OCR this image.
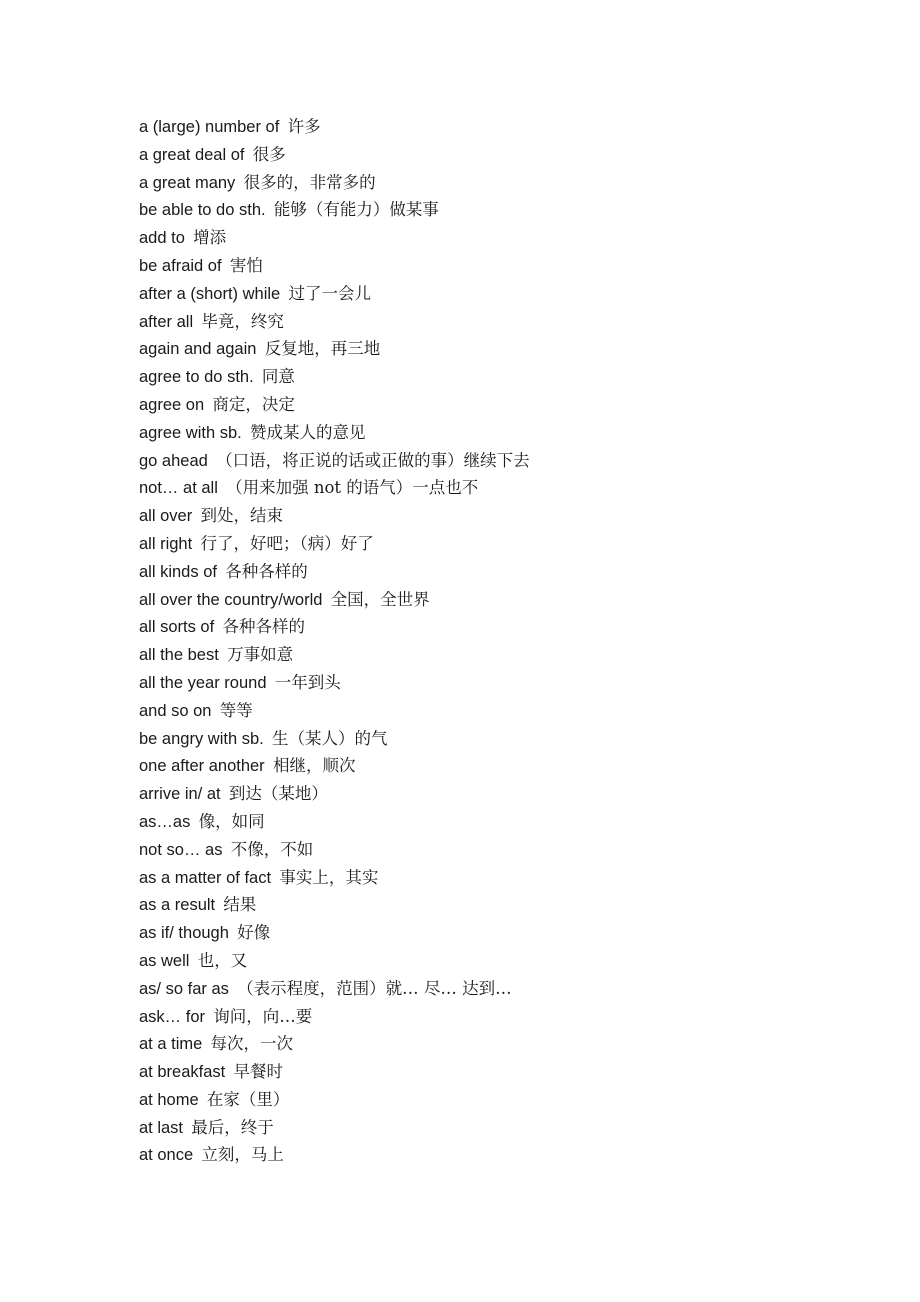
a (large) number of 许多
a great deal of 很多
a great many 很多的，非常多的
be able to do sth. 能够（有能力）做某事
add to 增添
be afraid of 害怕
after a (short) while 过了一会儿
after all 毕竟，终究
again and again 反复地，再三地
agree to do sth. 同意
agree on 商定，决定
agree with sb. 赞成某人的意见
go ahead （口语，将正说的话或正做的事）继续下去
not… at all （用来加强 not 的语气）一点也不
all over 到处，结束
all right 行了，好吧；（病）好了
all kinds of 各种各样的
all over the country/world 全国，全世界
all sorts of 各种各样的
all the best 万事如意
all the year round 一年到头
and so on 等等
be angry with sb. 生（某人）的气
one after another 相继，顺次
arrive in/ at 到达（某地）
as…as 像，如同
not so… as 不像，不如
as a matter of fact 事实上，其实
as a result 结果
as if/ though 好像
as well 也，又
as/ so far as （表示程度，范围）就… 尽… 达到…
ask… for 询问，向…要
at a time 每次，一次
at breakfast 早餐时
at home 在家（里）
at last 最后，终于
at once 立刻，马上
